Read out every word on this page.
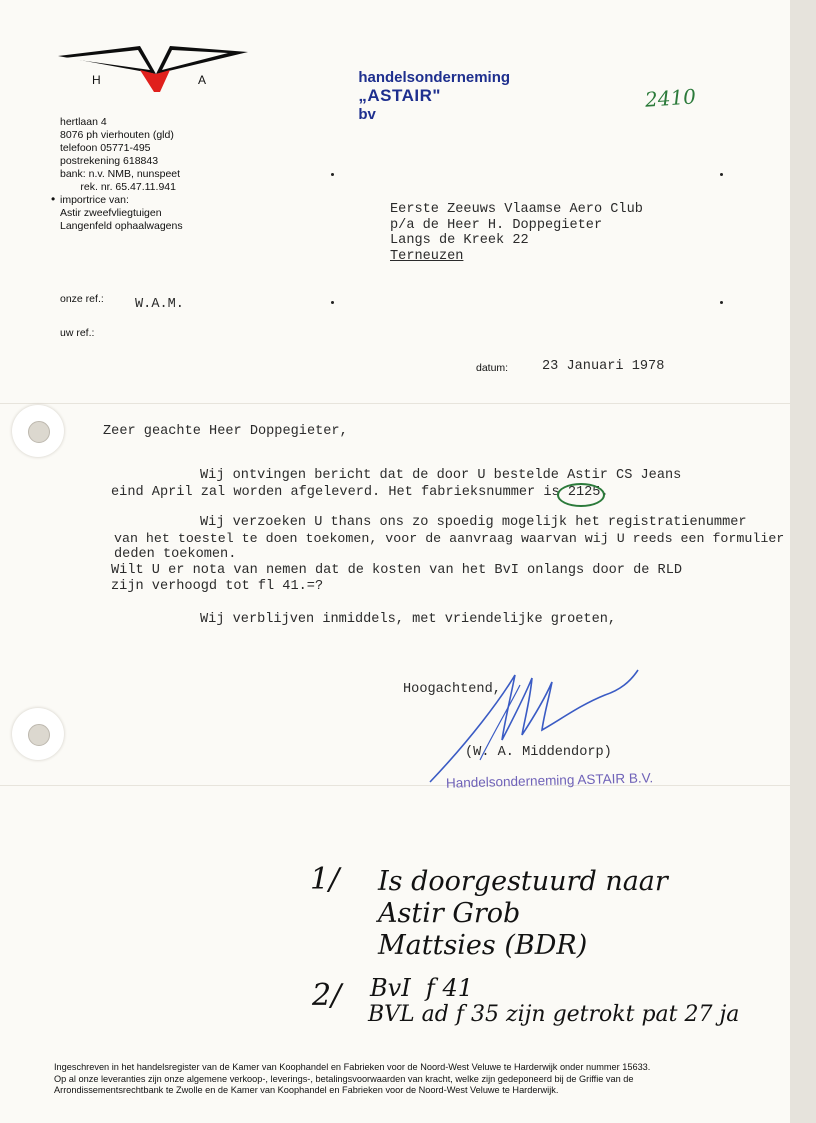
H	A	handelsonderneming
„ASTAIR"
bv

2410
hertlaan 4
8076 ph vierhouten (gld)
telefoon 05771-495
postrekening 618843
bank: n.v. NMB, nunspeet
rek. nr. 65.47.11.941
• importrice van:
Astir zweefvliegtuigen
Langenfeld ophaalwagens
Eerste Zeeuws Vlaamse Aero Club
p/a de Heer H. Doppegieter
Langs de Kreek 22
Terneuzen
onze ref.: W.A.M.
uw ref.:
datum: 23 Januari 1978
Zeer geachte Heer Doppegieter,
Wij ontvingen bericht dat de door U bestelde Astir CS Jeans
eind April zal worden afgeleverd. Het fabrieksnummer is 2125.
Wij verzoeken U thans ons zo spoedig mogelijk het registratienummer
van het toestel te doen toekomen, voor de aanvraag waarvan wij U reeds een formulier
deden toekomen.
Wilt U er nota van nemen dat de kosten van het BvI onlangs door de RLD
zijn verhoogd tot fl 41.=?
Wij verblijven inmiddels, met vriendelijke groeten,
Hoogachtend,
(W. A. Middendorp)
Handelsonderneming ASTAIR B.V.
1/ Is doorgestuurd naar
Astir Grob
Mattsies (BDR)
2/ BvI  f 41
BVL ad f 35 zijn getrokt pat 27 ja
Ingeschreven in het handelsregister van de Kamer van Koophandel en Fabrieken voor de Noord-West Veluwe te Harderwijk onder nummer 15633.
Op al onze leveranties zijn onze algemene verkoop-, leverings-, betalingsvoorwaarden van kracht, welke zijn gedeponeerd bij de Griffie van de
Arrondissementsrechtbank te Zwolle en de Kamer van Koophandel en Fabrieken voor de Noord-West Veluwe te Harderwijk.
